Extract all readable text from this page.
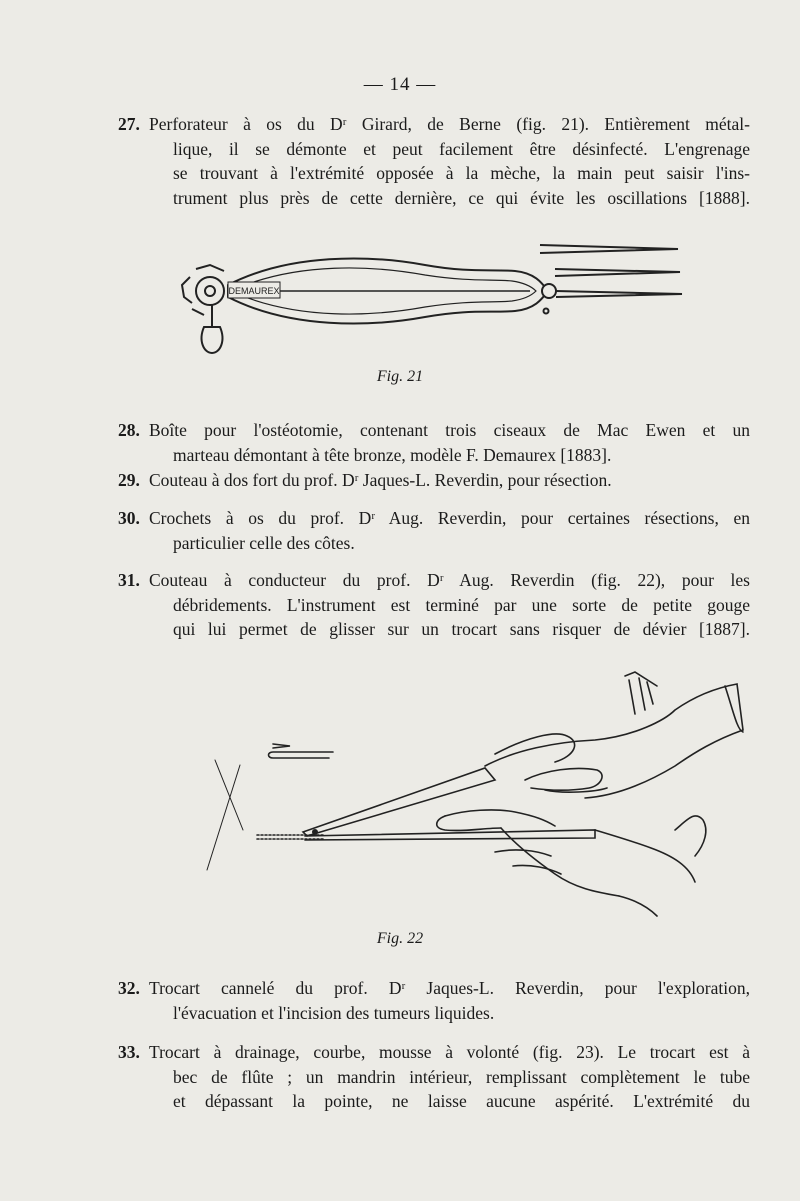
— 14 —
27. Perforateur à os du Dʳ Girard, de Berne (fig. 21). Entièrement métal-
lique, il se démonte et peut facilement être désinfecté. L'engrenage
se trouvant à l'extrémité opposée à la mèche, la main peut saisir l'ins-
trument plus près de cette dernière, ce qui évite les oscillations [1888].
DEMAUREX
Fig. 21
28. Boîte pour l'ostéotomie, contenant trois ciseaux de Mac Ewen et un
marteau démontant à tête bronze, modèle F. Demaurex [1883].
29. Couteau à dos fort du prof. Dʳ Jaques-L. Reverdin, pour résection.
30. Crochets à os du prof. Dʳ Aug. Reverdin, pour certaines résections, en
particulier celle des côtes.
31. Couteau à conducteur du prof. Dʳ Aug. Reverdin (fig. 22), pour les
débridements. L'instrument est terminé par une sorte de petite gouge
qui lui permet de glisser sur un trocart sans risquer de dévier [1887].
Fig. 22
32. Trocart cannelé du prof. Dʳ Jaques-L. Reverdin, pour l'exploration,
l'évacuation et l'incision des tumeurs liquides.
33. Trocart à drainage, courbe, mousse à volonté (fig. 23). Le trocart est à
bec de flûte ; un mandrin intérieur, remplissant complètement le tube
et dépassant la pointe, ne laisse aucune aspérité. L'extrémité du
